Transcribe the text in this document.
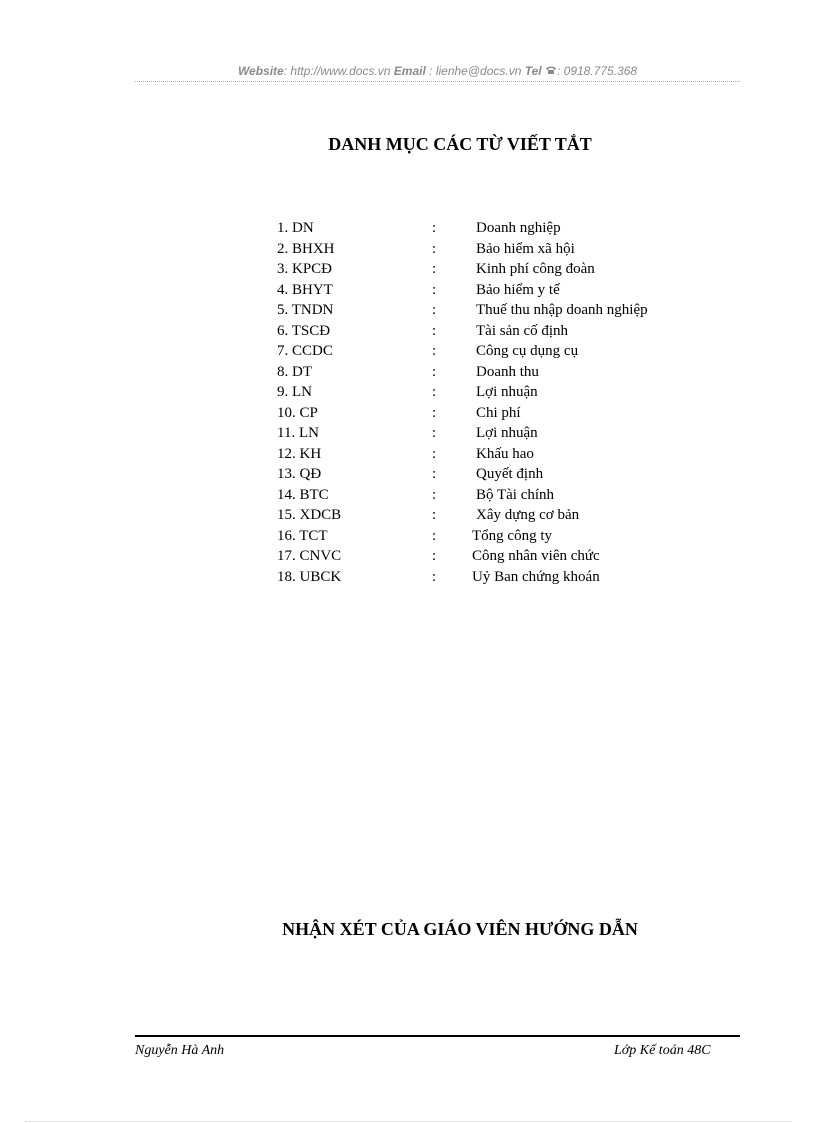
Website: http://www.docs.vn Email : lienhe@docs.vn Tel : 0918.775.368
DANH MỤC CÁC TỪ VIẾT TẮT
1. DN	:	Doanh nghiệp
2. BHXH	:	Bảo hiểm xã hội
3. KPCĐ	:	Kinh phí công đoàn
4. BHYT	:	Bảo hiểm y tế
5. TNDN	:	Thuế thu nhập doanh nghiệp
6. TSCĐ	:	Tài sản cố định
7. CCDC	:	Công cụ dụng cụ
8. DT	:	Doanh thu
9. LN	:	Lợi nhuận
10. CP	:	Chi phí
11. LN	:	Lợi nhuận
12. KH	:	Khấu hao
13. QĐ	:	Quyết định
14. BTC	:	Bộ Tài chính
15. XDCB	:	Xây dựng cơ bản
16. TCT	: Tổng công ty
17. CNVC	: Công nhân viên chức
18. UBCK	: Uỷ Ban chứng khoán
NHẬN XÉT CỦA GIÁO VIÊN HƯỚNG DẪN
Nguyễn Hà Anh	Lớp Kế toán 48C
